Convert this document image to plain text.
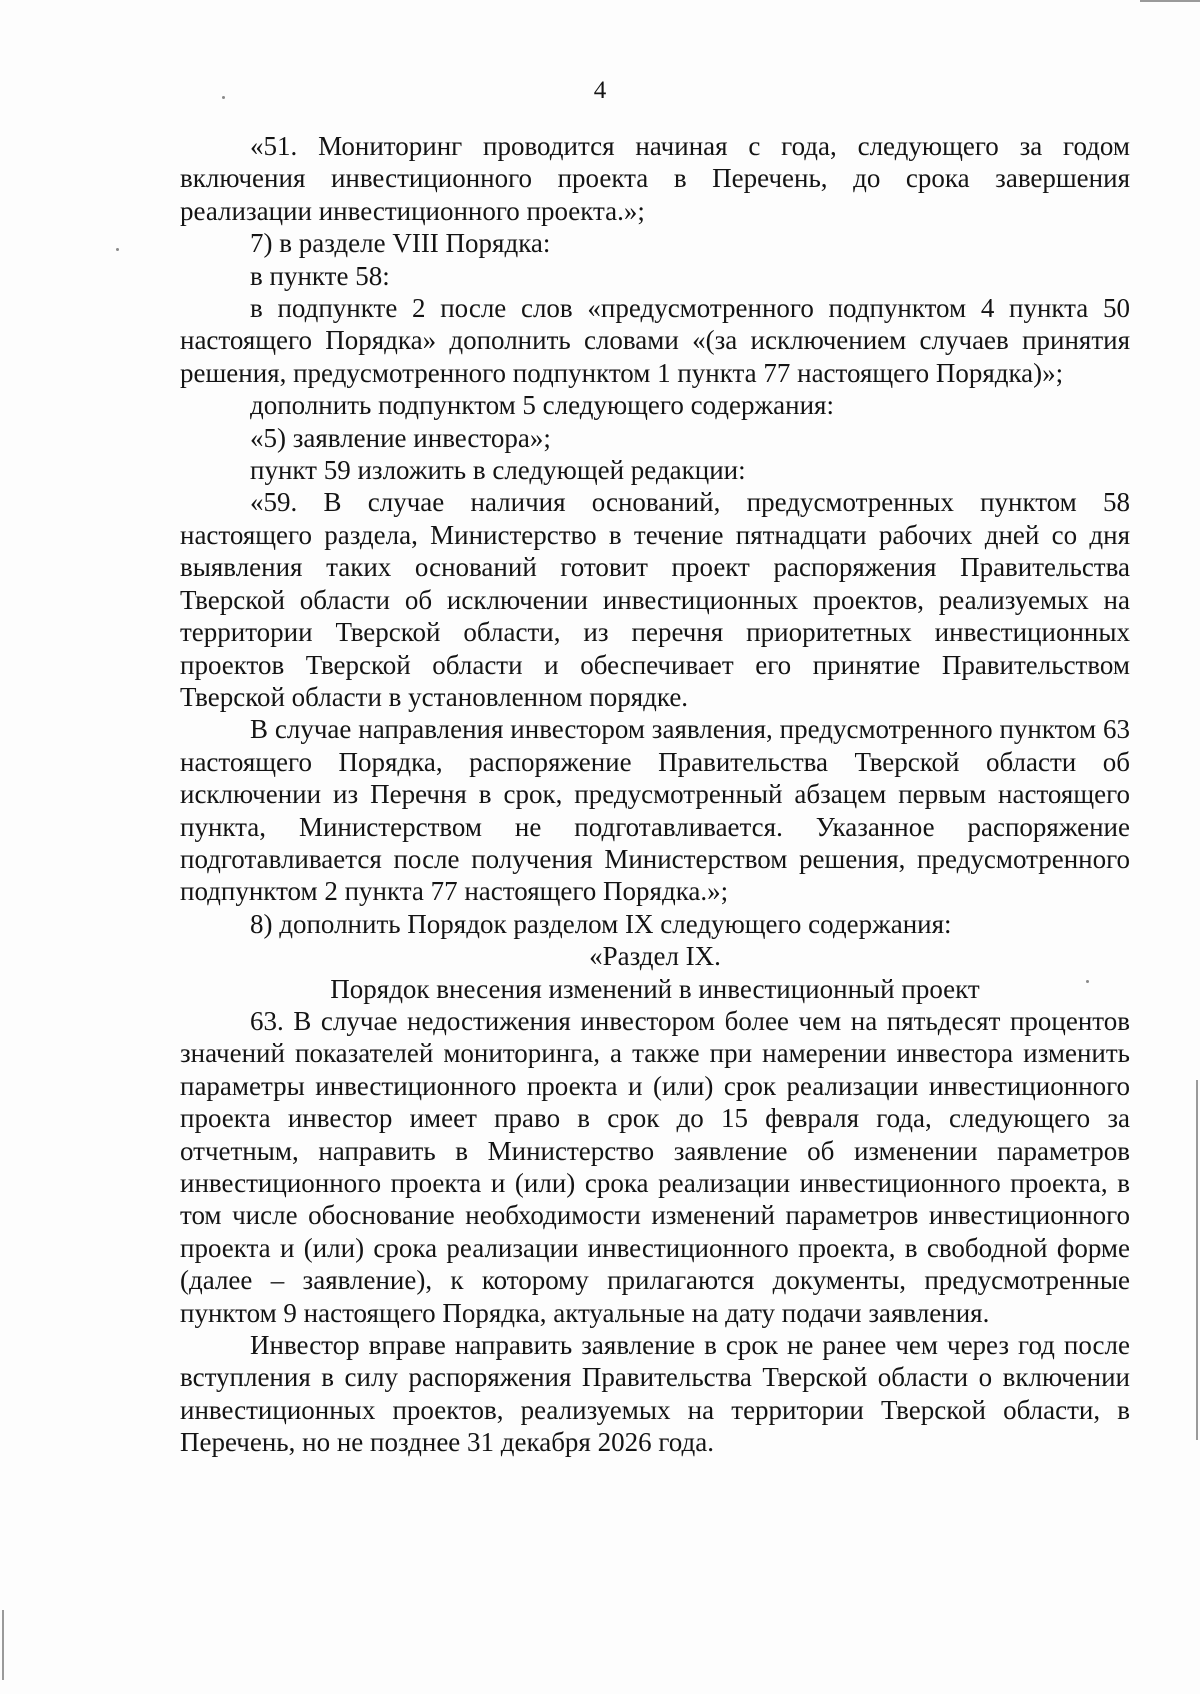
4

«51. Мониторинг проводится начиная с года, следующего за годом включения инвестиционного проекта в Перечень, до срока завершения реализации инвестиционного проекта.»;

7) в разделе VIII Порядка:

в пункте 58:

в подпункте 2 после слов «предусмотренного подпунктом 4 пункта 50 настоящего Порядка» дополнить словами «(за исключением случаев принятия решения, предусмотренного подпунктом 1 пункта 77 настоящего Порядка)»;

дополнить подпунктом 5 следующего содержания:

«5) заявление инвестора»;

пункт 59 изложить в следующей редакции:

«59. В случае наличия оснований, предусмотренных пунктом 58 настоящего раздела, Министерство в течение пятнадцати рабочих дней со дня выявления таких оснований готовит проект распоряжения Правительства Тверской области об исключении инвестиционных проектов, реализуемых на территории Тверской области, из перечня приоритетных инвестиционных проектов Тверской области и обеспечивает его принятие Правительством Тверской области в установленном порядке.

В случае направления инвестором заявления, предусмотренного пунктом 63 настоящего Порядка, распоряжение Правительства Тверской области об исключении из Перечня в срок, предусмотренный абзацем первым настоящего пункта, Министерством не подготавливается. Указанное распоряжение подготавливается после получения Министерством решения, предусмотренного подпунктом 2 пункта 77 настоящего Порядка.»;

8) дополнить Порядок разделом IX следующего содержания:

«Раздел IX.

Порядок внесения изменений в инвестиционный проект

63. В случае недостижения инвестором более чем на пятьдесят процентов значений показателей мониторинга, а также при намерении инвестора изменить параметры инвестиционного проекта и (или) срок реализации инвестиционного проекта инвестор имеет право в срок до 15 февраля года, следующего за отчетным, направить в Министерство заявление об изменении параметров инвестиционного проекта и (или) срока реализации инвестиционного проекта, в том числе обоснование необходимости изменений параметров инвестиционного проекта и (или) срока реализации инвестиционного проекта, в свободной форме (далее – заявление), к которому прилагаются документы, предусмотренные пунктом 9 настоящего Порядка, актуальные на дату подачи заявления.

Инвестор вправе направить заявление в срок не ранее чем через год после вступления в силу распоряжения Правительства Тверской области о включении инвестиционных проектов, реализуемых на территории Тверской области, в Перечень, но не позднее 31 декабря 2026 года.
